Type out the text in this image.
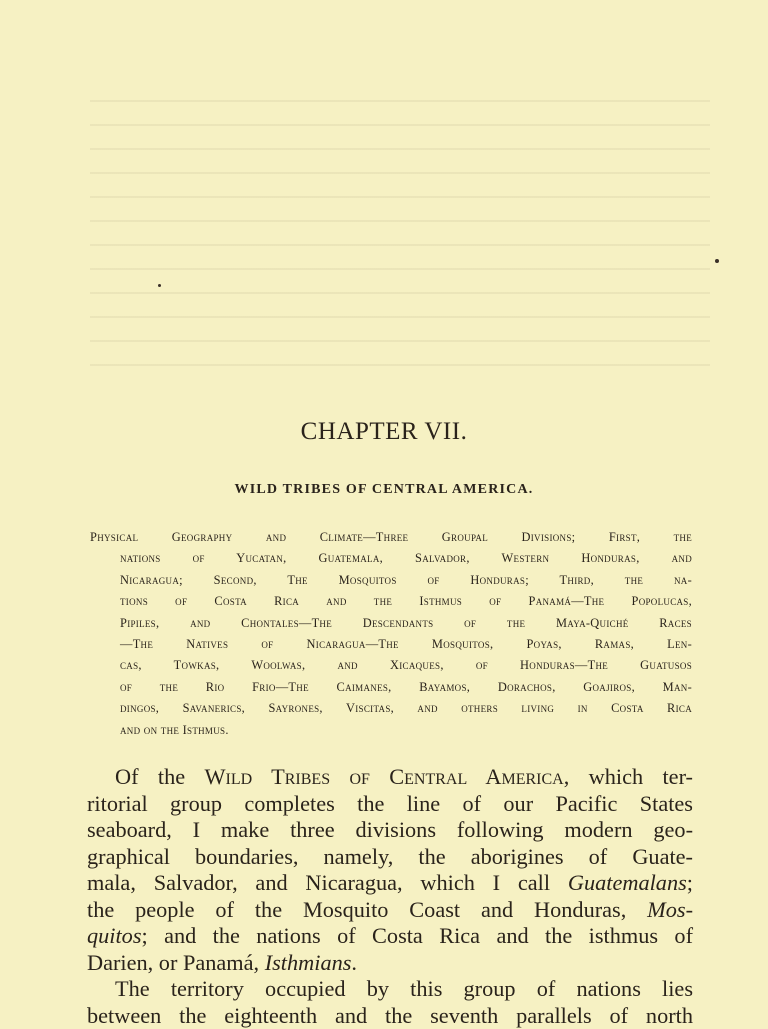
CHAPTER VII.
WILD TRIBES OF CENTRAL AMERICA.

Physical Geography and Climate—Three Groupal Divisions; First, the
nations of Yucatan, Guatemala, Salvador, Western Honduras, and
Nicaragua; Second, The Mosquitos of Honduras; Third, the na-
tions of Costa Rica and the Isthmus of Panamá—The Popolucas,
Pipiles, and Chontales—The Descendants of the Maya-Quiché Races
—The Natives of Nicaragua—The Mosquitos, Poyas, Ramas, Len-
cas, Towkas, Woolwas, and Xicaques, of Honduras—The Guatusos
of the Rio Frio—The Caimanes, Bayamos, Dorachos, Goajiros, Man-
dingos, Savanerics, Sayrones, Viscitas, and others living in Costa Rica
and on the Isthmus.

Of the Wild Tribes of Central America, which ter-
ritorial group completes the line of our Pacific States
seaboard, I make three divisions following modern geo-
graphical boundaries, namely, the aborigines of Guate-
mala, Salvador, and Nicaragua, which I call Guatemalans;
the people of the Mosquito Coast and Honduras, Mos-
quitos; and the nations of Costa Rica and the isthmus of
Darien, or Panamá, Isthmians.
The territory occupied by this group of nations lies
between the eighteenth and the seventh parallels of north
